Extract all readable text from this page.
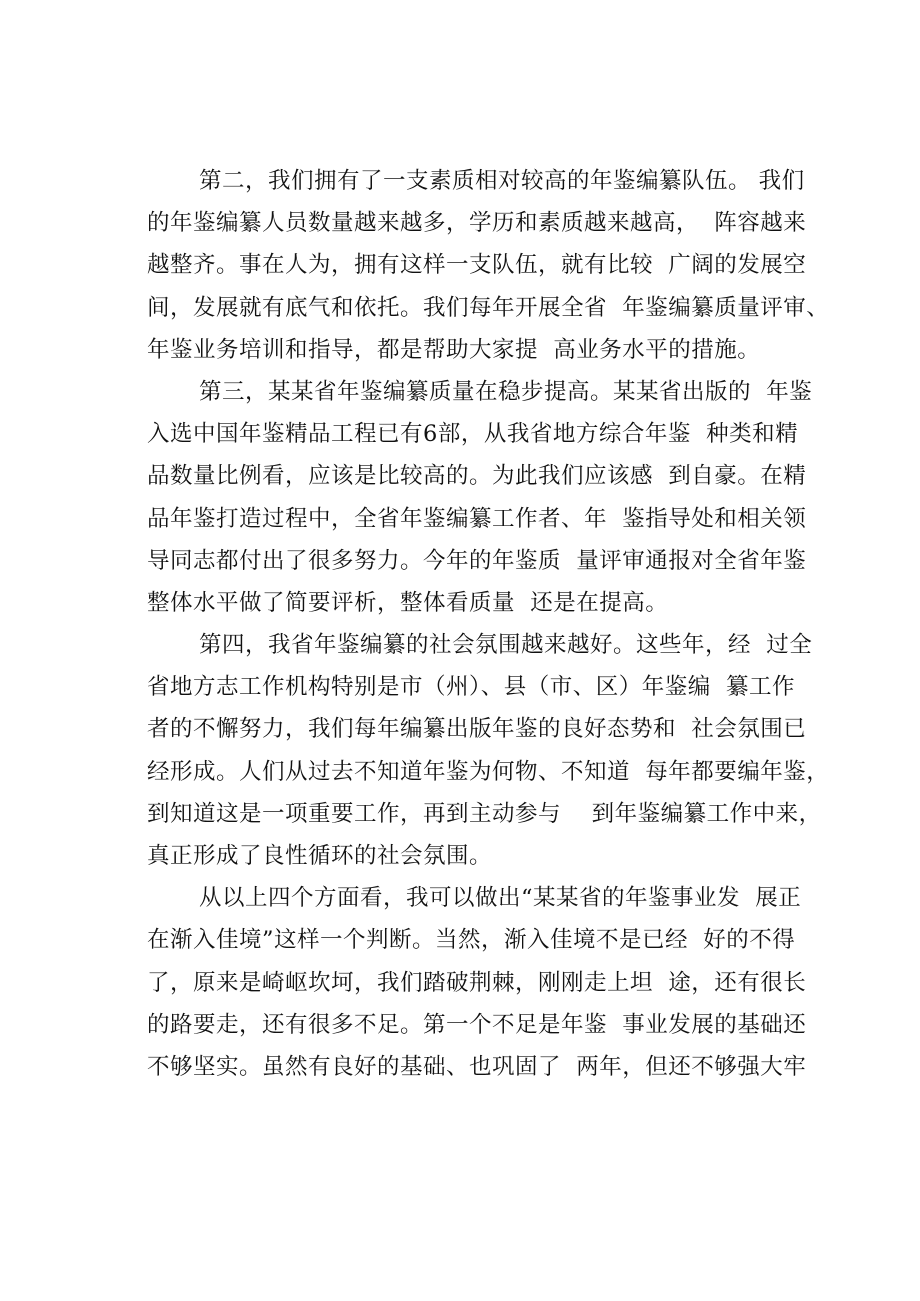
第二，我们拥有了一支素质相对较高的年鉴编纂队伍。 我们
的年鉴编纂人员数量越来越多，学历和素质越来越高，  阵容越来
越整齐。事在人为，拥有这样一支队伍，就有比较  广阔的发展空
间，发展就有底气和依托。我们每年开展全省  年鉴编纂质量评审、
年鉴业务培训和指导，都是帮助大家提  高业务水平的措施。
第三，某某省年鉴编纂质量在稳步提高。某某省出版的  年鉴
入选中国年鉴精品工程已有6部，从我省地方综合年鉴  种类和精
品数量比例看，应该是比较高的。为此我们应该感  到自豪。在精
品年鉴打造过程中，全省年鉴编纂工作者、年  鉴指导处和相关领
导同志都付出了很多努力。今年的年鉴质  量评审通报对全省年鉴
整体水平做了简要评析，整体看质量  还是在提高。
第四，我省年鉴编纂的社会氛围越来越好。这些年，经  过全
省地方志工作机构特别是市（州）、县（市、区）年鉴编  纂工作
者的不懈努力，我们每年编纂出版年鉴的良好态势和  社会氛围已
经形成。人们从过去不知道年鉴为何物、不知道  每年都要编年鉴，
到知道这是一项重要工作，再到主动参与    到年鉴编纂工作中来，
真正形成了良性循环的社会氛围。
从以上四个方面看，我可以做出“某某省的年鉴事业发  展正
在渐入佳境”这样一个判断。当然，渐入佳境不是已经  好的不得
了，原来是崎岖坎坷，我们踏破荆棘，刚刚走上坦  途，还有很长
的路要走，还有很多不足。第一个不足是年鉴  事业发展的基础还
不够坚实。虽然有良好的基础、也巩固了  两年，但还不够强大牢
